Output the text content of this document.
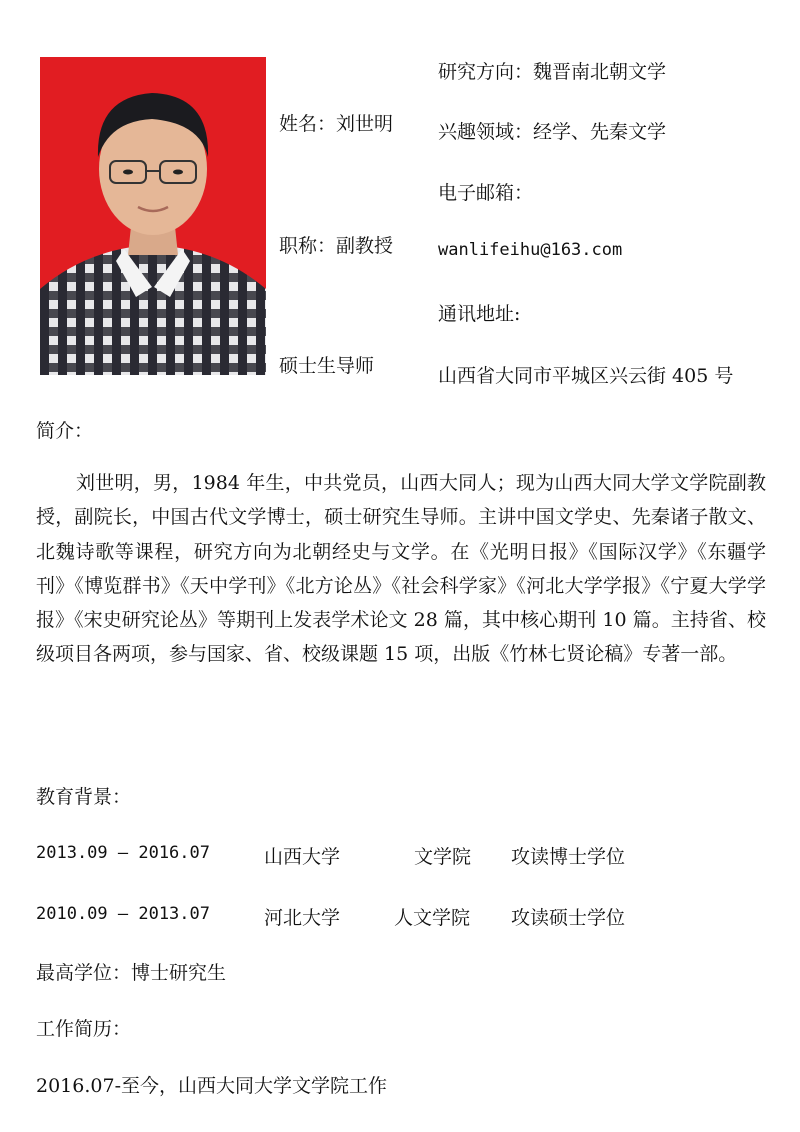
姓名：刘世明
职称：副教授
硕士生导师
研究方向：魏晋南北朝文学
兴趣领域：经学、先秦文学
电子邮箱：
wanlifeihu@163.com
通讯地址:
山西省大同市平城区兴云街 405 号
简介：
刘世明，男，1984 年生，中共党员，山西大同人；现为山西大同大学文学院副教授，副院长，中国古代文学博士，硕士研究生导师。主讲中国文学史、先秦诸子散文、北魏诗歌等课程，研究方向为北朝经史与文学。在《光明日报》《国际汉学》《东疆学刊》《博览群书》《天中学刊》《北方论丛》《社会科学家》《河北大学学报》《宁夏大学学报》《宋史研究论丛》等期刊上发表学术论文 28 篇，其中核心期刊 10 篇。主持省、校级项目各两项，参与国家、省、校级课题 15 项，出版《竹林七贤论稿》专著一部。
教育背景：
2013.09 – 2016.07	山西大学	文学院 攻读博士学位
2010.09 – 2013.07	河北大学	人文学院 攻读硕士学位
最高学位：博士研究生
工作简历：
2016.07-至今，山西大同大学文学院工作
